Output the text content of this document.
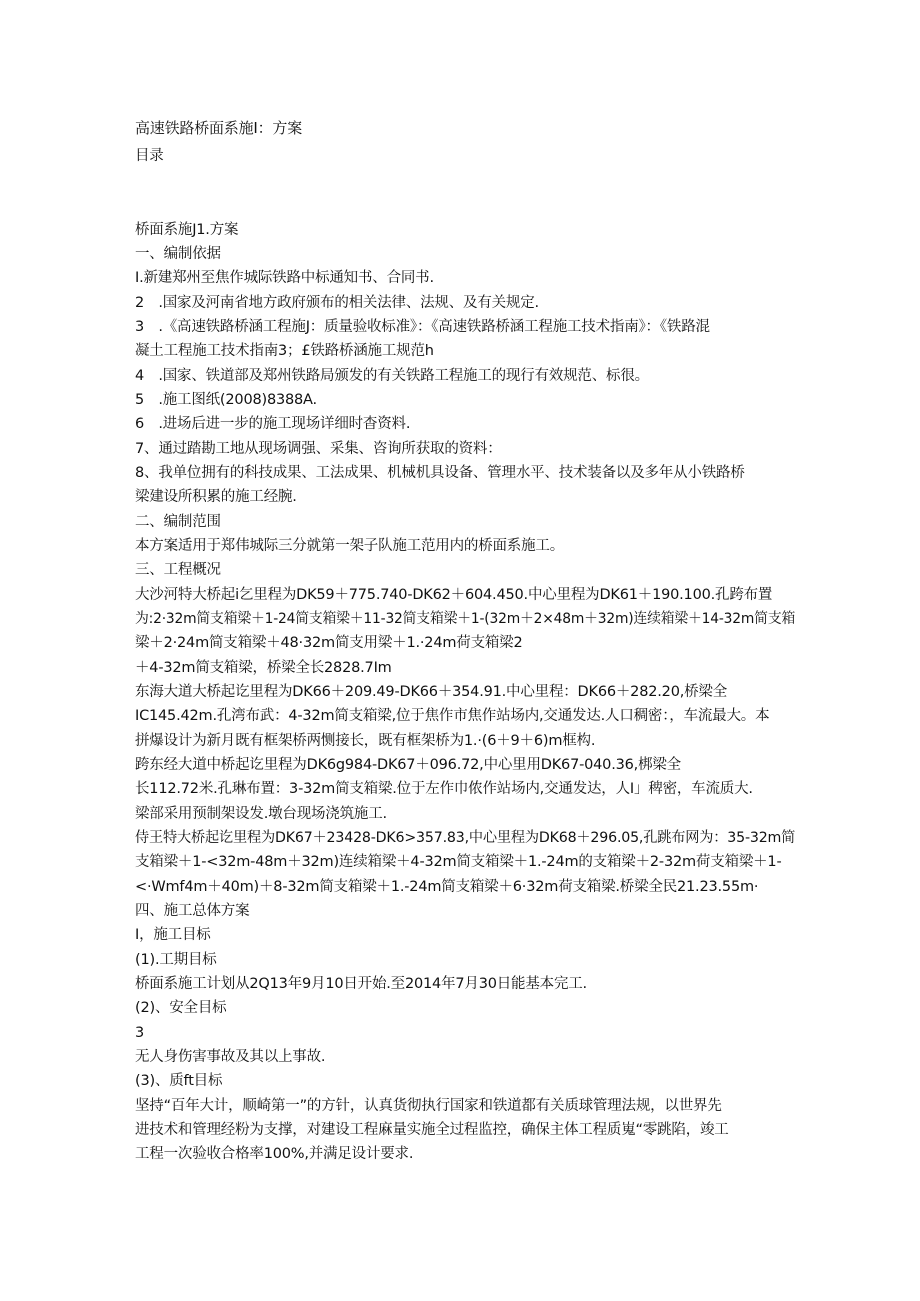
高速铁路桥面系施I：方案
目录
桥面系施J1.方案
一、编制依据
I.新建郑州至焦作城际铁路中标通知书、合同书.
2　.国家及河南省地方政府颁布的相关法律、法规、及有关规定.
3　.《高速铁路桥涵工程施J：质量验收标准》：《高速铁路桥涵工程施工技术指南》：《铁路混
凝土工程施工技术指南3；£铁路桥涵施工规范h
4　.国家、铁道部及郑州铁路局颁发的有关铁路工程施工的现行有效规范、标很。
5　.施工图纸(2008)8388A.
6　.进场后进一步的施工现场详细时杳资料.
7、通过踏勘工地从现场调强、采集、咨询所获取的资料：
8、我单位拥有的科技成果、工法成果、机械机具设备、管理水平、技术装备以及多年从小铁路桥
梁建设所积累的施工经腕.
二、编制范围
本方案适用于郑伟城际三分就第一架子队施工范用内的桥面系施工。
三、工程概况
大沙河特大桥起i乞里程为DK59＋775.740-DK62＋604.450.中心里程为DK61＋190.100.孔跨布置
为:2·32m简支箱梁＋1-24简支箱梁＋11-32简支箱梁＋1-(32m＋2×48m＋32m)连续箱梁＋14-32m简支箱
梁＋2·24m简支箱梁＋48·32m简支用梁＋1.·24m荷支箱梁2
＋4-32m简支箱梁，桥梁全长2828.7Im
东海大道大桥起讫里程为DK66＋209.49-DK66＋354.91.中心里程：DK66＋282.20,桥梁全
IC145.42m.孔湾布武：4-32m简支箱梁,位于焦作市焦作站场内,交通发达.人口稠密：，车流最大。本
拼爆设计为新月既有框架桥两恻接长，既有框架桥为1.·(6＋9＋6)m框构.
跨东经大道中桥起讫里程为DK6g984-DK67＋096.72,中心里用DK67-040.36,梆梁全
长112.72米.孔琳布置：3-32m简支箱梁.位于左作巾侬作站场内,交通发达，人I」稗密，车流质大.
梁部采用预制架设发.墩台现场浇筑施工.
侍王特大桥起讫里程为DK67＋23428-DK6>357.83,中心里程为DK68＋296.05,孔跳布网为：35-32m简
支箱梁＋1-<32m-48m＋32m)连续箱梁＋4-32m简支箱梁＋1.-24m的支箱梁＋2-32m荷支箱梁＋1-
<·Wmf4m＋40m)＋8-32m简支箱梁＋1.-24m简支箱梁＋6·32m荷支箱梁.桥梁全民21.23.55m·
四、施工总体方案
I，施工目标
(1).工期目标
桥面系施工计划从2Q13年9月10日开始.至2014年7月30日能基本完工.
(2)、安全目标
3
无人身伤害事故及其以上事故.
(3)、质ft目标
坚持“百年大计，顺崎第一”的方针，认真货彻执行国家和铁道都有关质球管理法规，以世界先
进技术和管理经粉为支撑，对建设工程麻量实施全过程监控，确保主体工程质嵬“零跳陷，竣工
工程一次验收合格率100%,并满足设计要求.
